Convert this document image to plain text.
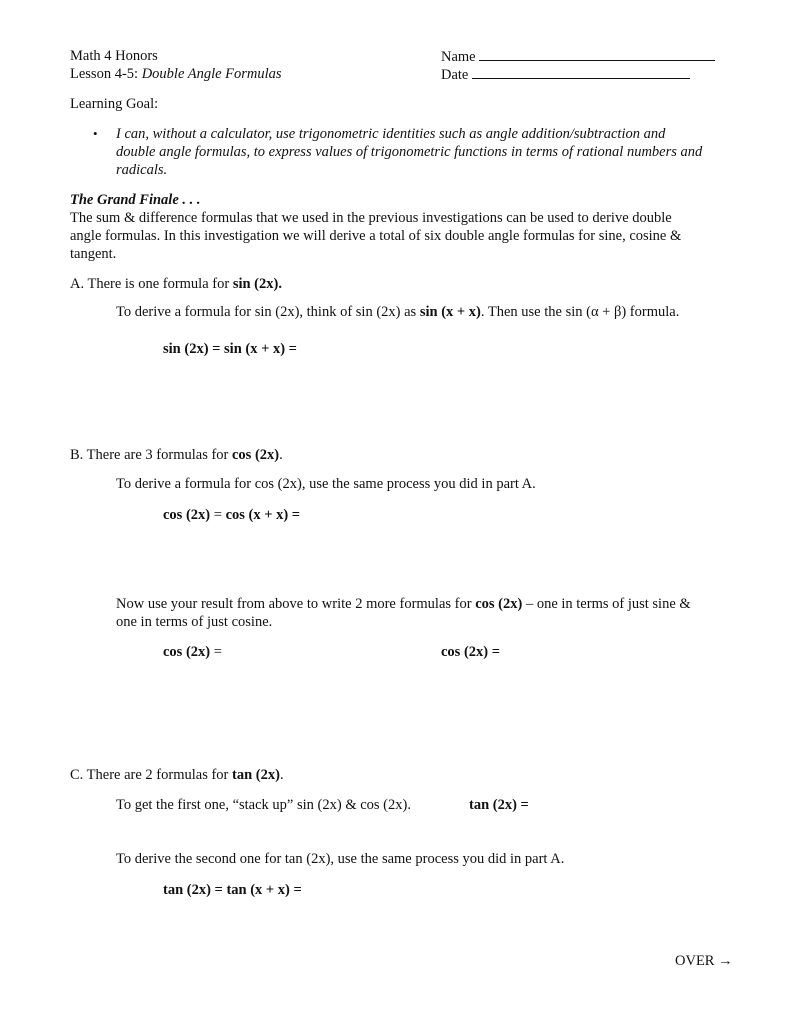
Math 4 Honors
Lesson 4-5: Double Angle Formulas
Name
Date
Learning Goal:
• I can, without a calculator, use trigonometric identities such as angle addition/subtraction and
double angle formulas, to express values of trigonometric functions in terms of rational numbers and
radicals.
The Grand Finale . . .
The sum & difference formulas that we used in the previous investigations can be used to derive double
angle formulas. In this investigation we will derive a total of six double angle formulas for sine, cosine &
tangent.
A. There is one formula for sin (2x).
To derive a formula for sin (2x), think of sin (2x) as sin (x + x). Then use the sin (α + β) formula.
sin (2x) = sin (x + x) =
B. There are 3 formulas for cos (2x).
To derive a formula for cos (2x), use the same process you did in part A.
cos (2x) = cos (x + x) =
Now use your result from above to write 2 more formulas for cos (2x) – one in terms of just sine &
one in terms of just cosine.
cos (2x) =	cos (2x) =
C. There are 2 formulas for tan (2x).
To get the first one, “stack up” sin (2x) & cos (2x).	tan (2x) =
To derive the second one for tan (2x), use the same process you did in part A.
tan (2x) = tan (x + x) =
OVER →
